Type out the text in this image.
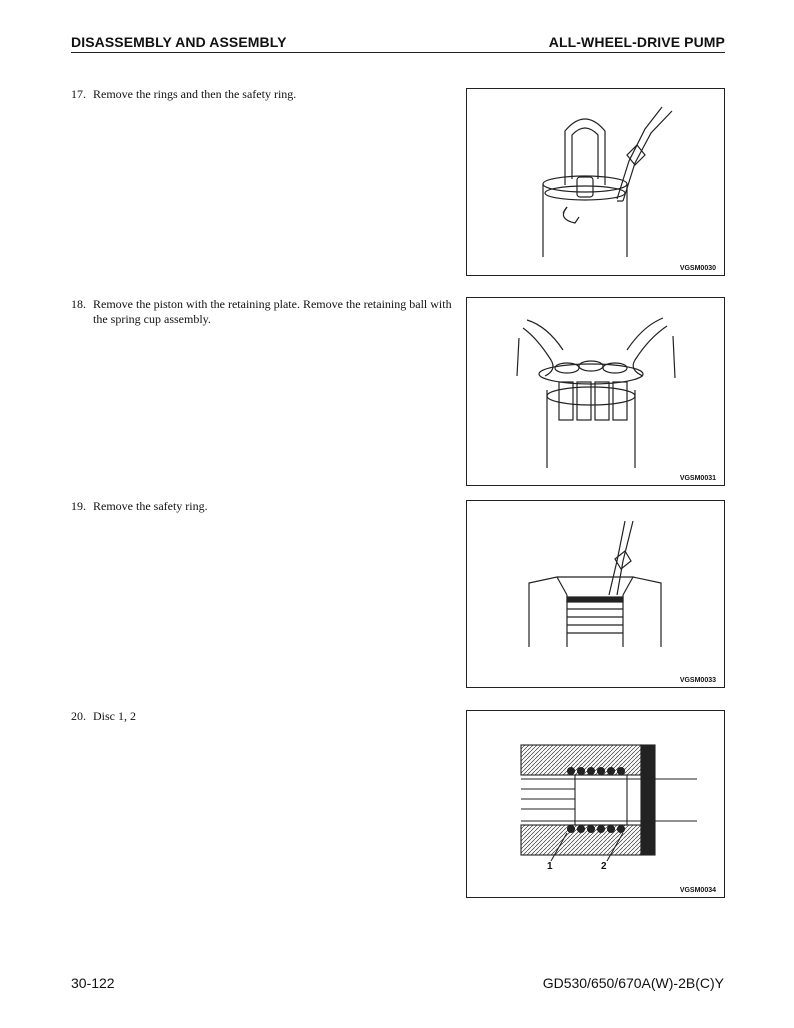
DISASSEMBLY AND ASSEMBLY	ALL-WHEEL-DRIVE PUMP
17. Remove the rings and then the safety ring.
VGSM0030
18. Remove the piston with the retaining plate. Remove the retaining ball with the spring cup assembly.
VGSM0031
19. Remove the safety ring.
VGSM0033
20. Disc 1, 2
1	2
VGSM0034
30-122	GD530/650/670A(W)-2B(C)Y
